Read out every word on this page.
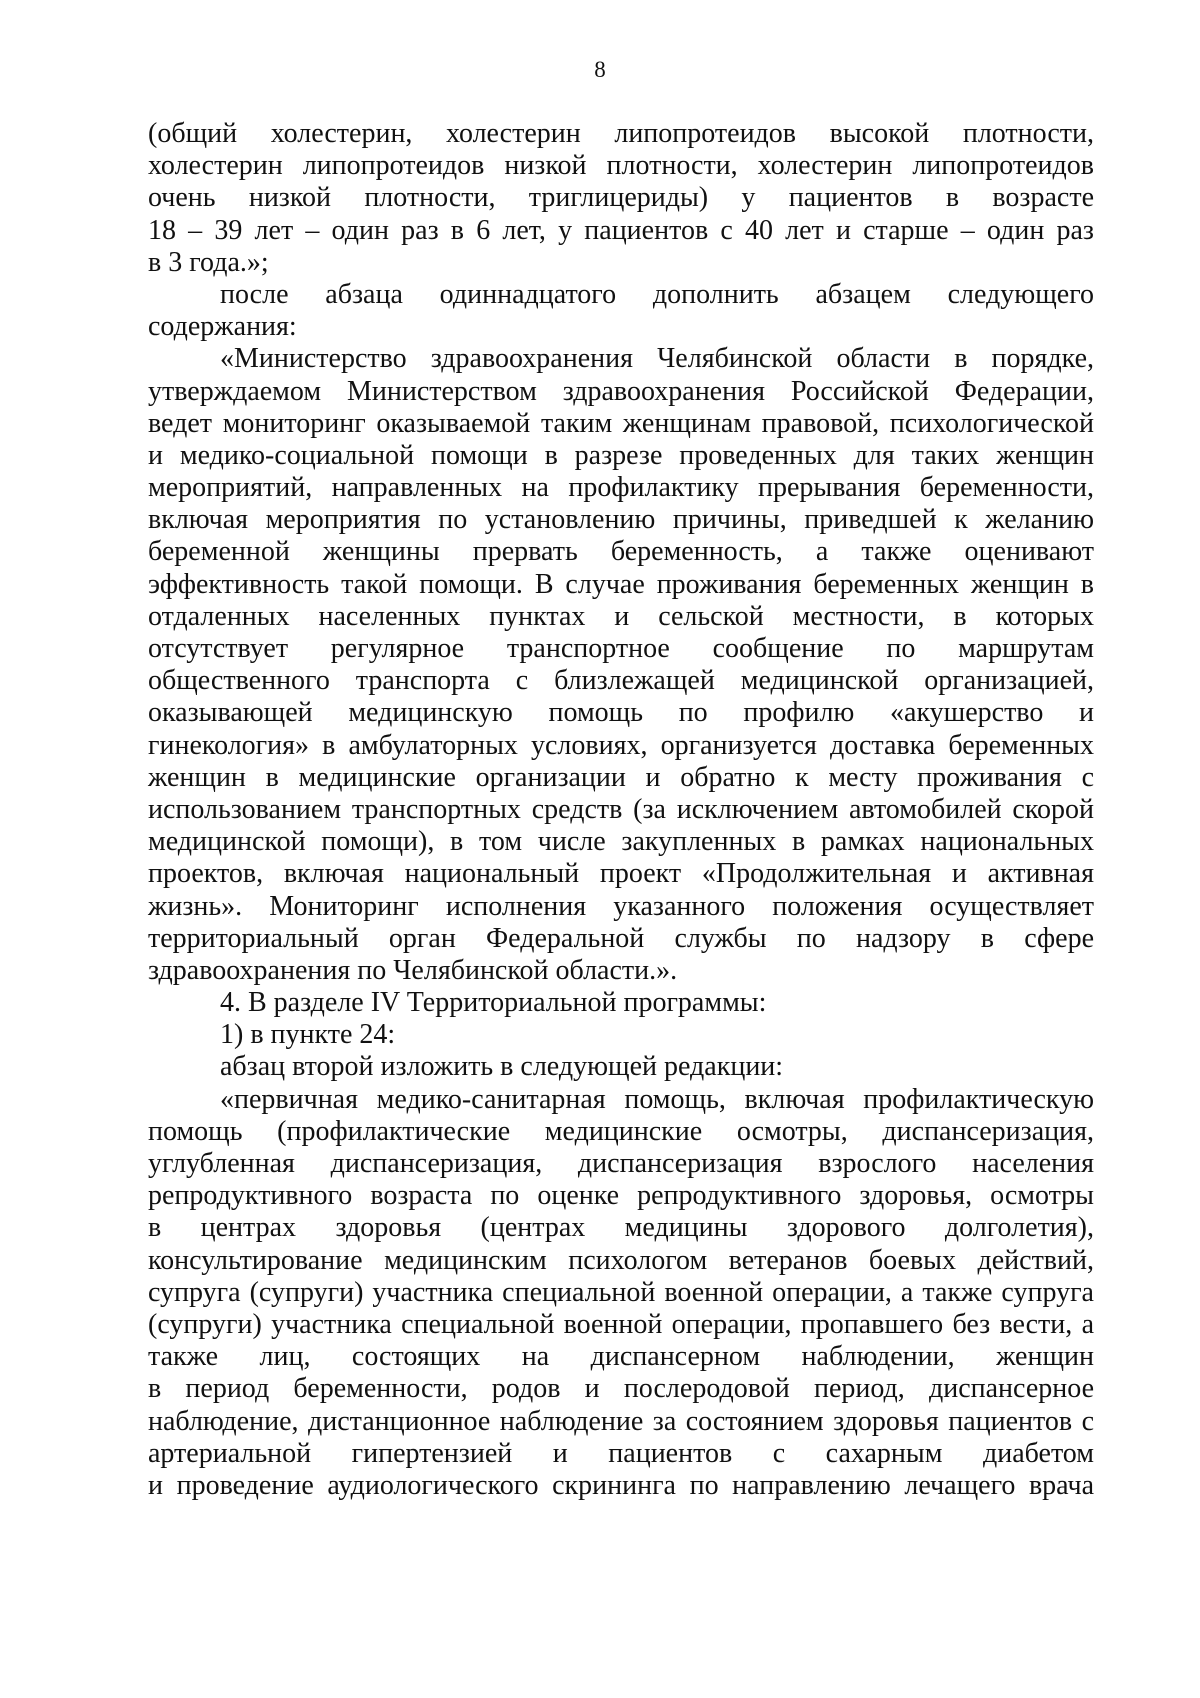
8
(общий холестерин, холестерин липопротеидов высокой плотности,
холестерин липопротеидов низкой плотности, холестерин липопротеидов
очень низкой плотности, триглицериды) у пациентов в возрасте
18 – 39 лет – один раз в 6 лет, у пациентов с 40 лет и старше – один раз
в 3 года.»;
после абзаца одиннадцатого дополнить абзацем следующего
содержания:
«Министерство здравоохранения Челябинской области в порядке,
утверждаемом Министерством здравоохранения Российской Федерации,
ведет мониторинг оказываемой таким женщинам правовой, психологической
и медико-социальной помощи в разрезе проведенных для таких женщин
мероприятий, направленных на профилактику прерывания беременности,
включая мероприятия по установлению причины, приведшей к желанию
беременной женщины прервать беременность, а также оценивают
эффективность такой помощи. В случае проживания беременных женщин в
отдаленных населенных пунктах и сельской местности, в которых
отсутствует регулярное транспортное сообщение по маршрутам
общественного транспорта с близлежащей медицинской организацией,
оказывающей медицинскую помощь по профилю «акушерство и
гинекология» в амбулаторных условиях, организуется доставка беременных
женщин в медицинские организации и обратно к месту проживания с
использованием транспортных средств (за исключением автомобилей скорой
медицинской помощи), в том числе закупленных в рамках национальных
проектов, включая национальный проект «Продолжительная и активная
жизнь». Мониторинг исполнения указанного положения осуществляет
территориальный орган Федеральной службы по надзору в сфере
здравоохранения по Челябинской области.».
4. В разделе IV Территориальной программы:
1) в пункте 24:
абзац второй изложить в следующей редакции:
«первичная медико-санитарная помощь, включая профилактическую
помощь (профилактические медицинские осмотры, диспансеризация,
углубленная диспансеризация, диспансеризация взрослого населения
репродуктивного возраста по оценке репродуктивного здоровья, осмотры
в центрах здоровья (центрах медицины здорового долголетия),
консультирование медицинским психологом ветеранов боевых действий,
супруга (супруги) участника специальной военной операции, а также супруга
(супруги) участника специальной военной операции, пропавшего без вести, а
также лиц, состоящих на диспансерном наблюдении, женщин
в период беременности, родов и послеродовой период, диспансерное
наблюдение, дистанционное наблюдение за состоянием здоровья пациентов с
артериальной гипертензией и пациентов с сахарным диабетом
и проведение аудиологического скрининга по направлению лечащего врача
